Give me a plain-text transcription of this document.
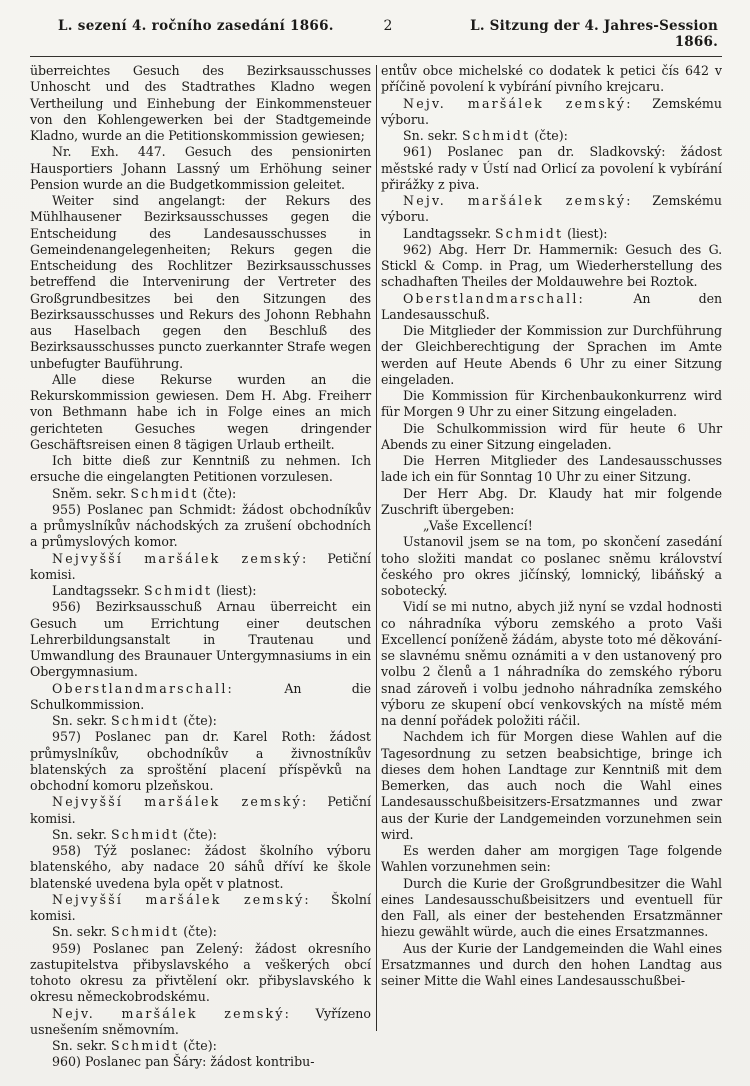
L. sezení 4. ročního zasedání 1866.	2	L. Sitzung der 4. Jahres-Session 1866.

überreichtes Gesuch des Bezirksausschusses Unhoscht und des Stadtrathes Kladno wegen Vertheilung und Einhebung der Einkommensteuer von den Kohlengewerken bei der Stadtgemeinde Kladno, wurde an die Petitionskommission gewiesen;

Nr. Exh. 447. Gesuch des pensionirten Hausportiers Johann Lassný um Erhöhung seiner Pension wurde an die Budgetkommission geleitet.

Weiter sind angelangt: der Rekurs des Mühlhausener Bezirksausschusses gegen die Entscheidung des Landesausschusses in Gemeindenangelegenheiten; Rekurs gegen die Entscheidung des Rochlitzer Bezirksausschusses betreffend die Intervenirung der Vertreter des Großgrundbesitzes bei den Sitzungen des Bezirksausschusses und Rekurs des Johonn Rebhahn aus Haselbach gegen den Beschluß des Bezirksausschusses puncto zuerkannter Strafe wegen unbefugter Bauführung.

Alle diese Rekurse wurden an die Rekurskommission gewiesen. Dem H. Abg. Freiherr von Bethmann habe ich in Folge eines an mich gerichteten Gesuches wegen dringender Geschäftsreisen einen 8 tägigen Urlaub ertheilt.

Ich bitte dieß zur Kenntniß zu nehmen. Ich ersuche die eingelangten Petitionen vorzulesen.

Sněm. sekr. Schmidt (čte):

955) Poslanec pan Schmidt: žádost obchodníkův a průmyslníkův náchodských za zrušení obchodních a průmyslových komor.

Nejvyšší maršálek zemský: Petiční komisi.

Landtagssekr. Schmidt (liest):

956) Bezirksausschuß Arnau überreicht ein Gesuch um Errichtung einer deutschen Lehrerbildungsanstalt in Trautenau und Umwandlung des Braunauer Untergymnasiums in ein Obergymnasium.

Oberstlandmarschall: An die Schulkommission.

Sn. sekr. Schmidt (čte):

957) Poslanec pan dr. Karel Roth: žádost průmyslníkův, obchodníkův a živnostníkův blatenských za sproštění placení příspěvků na obchodní komoru plzeňskou.

Nejvyšší maršálek zemský: Petiční komisi.

Sn. sekr. Schmidt (čte):

958) Týž poslanec: žádost školního výboru blatenského, aby nadace 20 sáhů dříví ke škole blatenské uvedena byla opět v platnost.

Nejvyšší maršálek zemský: Školní komisi.

Sn. sekr. Schmidt (čte):

959) Poslanec pan Zelený: žádost okresního zastupitelstva přibyslavského a veškerých obcí tohoto okresu za přivtělení okr. přibyslavského k okresu německobrodskému.

Nejv. maršálek zemský: Vyřízeno usnešením sněmovním.

Sn. sekr. Schmidt (čte):

960) Poslanec pan Šáry: žádost kontribu-

entův obce michelské co dodatek k petici čís 642 v příčině povolení k vybírání pivního krejcaru.

Nejv. maršálek zemský: Zemskému výboru.

Sn. sekr. Schmidt (čte):

961) Poslanec pan dr. Sladkovský: žádost městské rady v Ústí nad Orlicí za povolení k vybírání přirážky z piva.

Nejv. maršálek zemský: Zemskému výboru.

Landtagssekr. Schmidt (liest):

962) Abg. Herr Dr. Hammernik: Gesuch des G. Stickl & Comp. in Prag, um Wiederherstellung des schadhaften Theiles der Moldauwehre bei Roztok.

Oberstlandmarschall: An den Landesausschuß.

Die Mitglieder der Kommission zur Durchführung der Gleichberechtigung der Sprachen im Amte werden auf Heute Abends 6 Uhr zu einer Sitzung eingeladen.

Die Kommission für Kirchenbaukonkurrenz wird für Morgen 9 Uhr zu einer Sitzung eingeladen.

Die Schulkommission wird für heute 6 Uhr Abends zu einer Sitzung eingeladen.

Die Herren Mitglieder des Landesausschusses lade ich ein für Sonntag 10 Uhr zu einer Sitzung.

Der Herr Abg. Dr. Klaudy hat mir folgende Zuschrift übergeben:

„Vaše Excellencí!

Ustanovil jsem se na tom, po skončení zasedání toho složiti mandat co poslanec sněmu království českého pro okres jičínský, lomnický, libáňský a sobotecký.

Vidí se mi nutno, abych již nyní se vzdal hodnosti co náhradníka výboru zemského a proto Vaši Excellencí poníženě žádám, abyste toto mé děkování-se slavnému sněmu oznámiti a v den ustanovený pro volbu 2 členů a 1 náhradníka do zemského rýboru snad zároveň i volbu jednoho náhradníka zemského výboru ze skupení obcí venkovských na místě mém na denní pořádek položiti ráčil.

Nachdem ich für Morgen diese Wahlen auf die Tagesordnung zu setzen beabsichtige, bringe ich dieses dem hohen Landtage zur Kenntniß mit dem Bemerken, das auch noch die Wahl eines Landesausschußbeisitzers-Ersatzmannes und zwar aus der Kurie der Landgemeinden vorzunehmen sein wird.

Es werden daher am morgigen Tage folgende Wahlen vorzunehmen sein:

Durch die Kurie der Großgrundbesitzer die Wahl eines Landesausschußbeisitzers und eventuell für den Fall, als einer der bestehenden Ersatzmänner hiezu gewählt würde, auch die eines Ersatzmannes.

Aus der Kurie der Landgemeinden die Wahl eines Ersatzmannes und durch den hohen Landtag aus seiner Mitte die Wahl eines Landesausschußbei-
